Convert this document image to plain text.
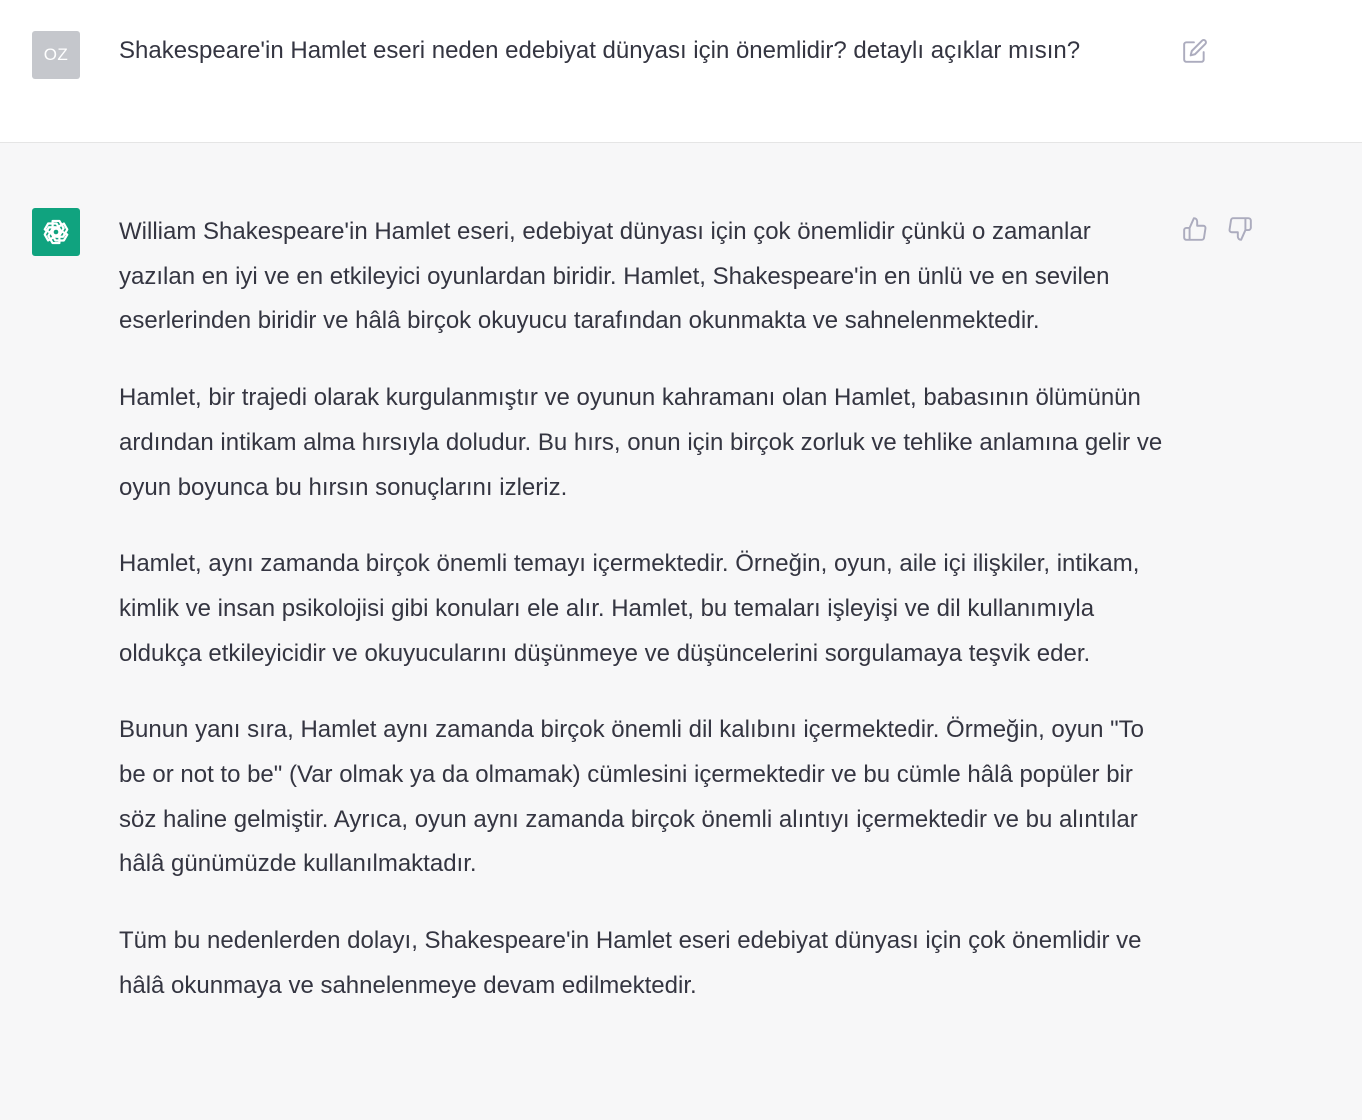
OZ Shakespeare'in Hamlet eseri neden edebiyat dünyası için önemlidir? detaylı açıklar mısın?

William Shakespeare'in Hamlet eseri, edebiyat dünyası için çok önemlidir çünkü o zamanlar yazılan en iyi ve en etkileyici oyunlardan biridir. Hamlet, Shakespeare'in en ünlü ve en sevilen eserlerinden biridir ve hâlâ birçok okuyucu tarafından okunmakta ve sahnelenmektedir.

Hamlet, bir trajedi olarak kurgulanmıştır ve oyunun kahramanı olan Hamlet, babasının ölümünün ardından intikam alma hırsıyla doludur. Bu hırs, onun için birçok zorluk ve tehlike anlamına gelir ve oyun boyunca bu hırsın sonuçlarını izleriz.

Hamlet, aynı zamanda birçok önemli temayı içermektedir. Örneğin, oyun, aile içi ilişkiler, intikam, kimlik ve insan psikolojisi gibi konuları ele alır. Hamlet, bu temaları işleyişi ve dil kullanımıyla oldukça etkileyicidir ve okuyucularını düşünmeye ve düşüncelerini sorgulamaya teşvik eder.

Bunun yanı sıra, Hamlet aynı zamanda birçok önemli dil kalıbını içermektedir. Örmeğin, oyun "To be or not to be" (Var olmak ya da olmamak) cümlesini içermektedir ve bu cümle hâlâ popüler bir söz haline gelmiştir. Ayrıca, oyun aynı zamanda birçok önemli alıntıyı içermektedir ve bu alıntılar hâlâ günümüzde kullanılmaktadır.

Tüm bu nedenlerden dolayı, Shakespeare'in Hamlet eseri edebiyat dünyası için çok önemlidir ve hâlâ okunmaya ve sahnelenmeye devam edilmektedir.
